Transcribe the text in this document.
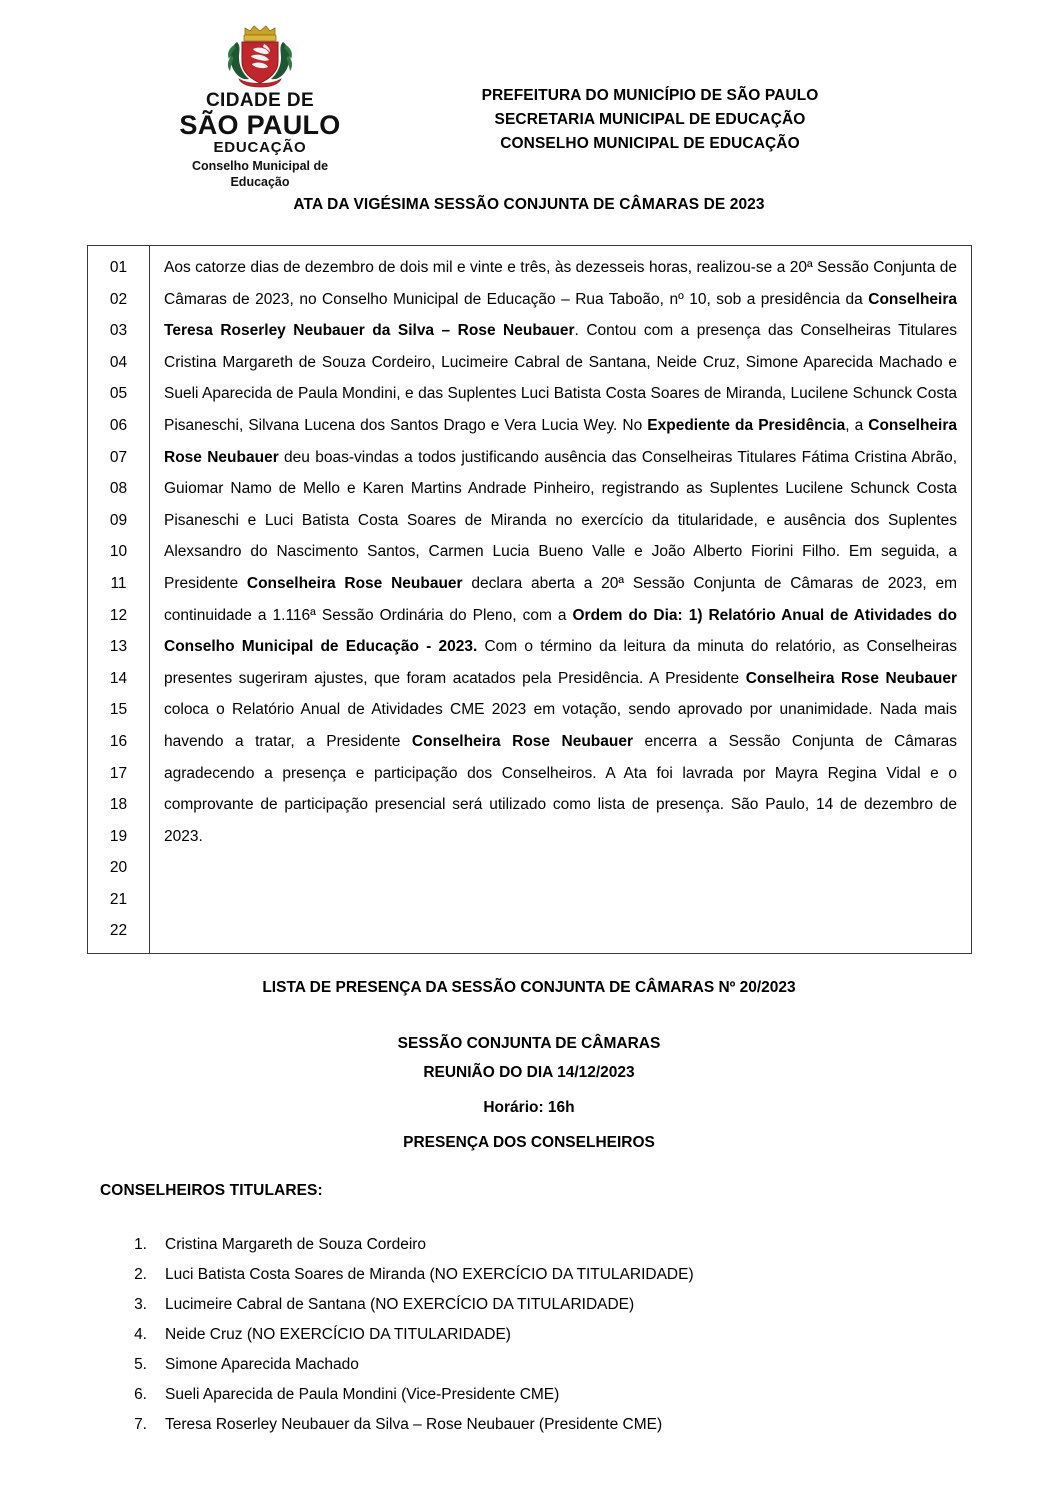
CIDADE DE
SÃO PAULO
EDUCAÇÃO
Conselho Municipal de Educação
PREFEITURA DO MUNICÍPIO DE SÃO PAULO
SECRETARIA MUNICIPAL DE EDUCAÇÃO
CONSELHO MUNICIPAL DE EDUCAÇÃO
ATA DA VIGÉSIMA SESSÃO CONJUNTA DE CÂMARAS DE 2023
01
02
03
04
05
06
07
08
09
10
11
12
13
14
15
16
17
18
19
20
21
22

Aos catorze dias de dezembro de dois mil e vinte e três, às dezesseis horas, realizou-se a 20ª Sessão Conjunta de Câmaras de 2023, no Conselho Municipal de Educação – Rua Taboão, nº 10, sob a presidência da Conselheira Teresa Roserley Neubauer da Silva – Rose Neubauer. Contou com a presença das Conselheiras Titulares Cristina Margareth de Souza Cordeiro, Lucimeire Cabral de Santana, Neide Cruz, Simone Aparecida Machado e Sueli Aparecida de Paula Mondini, e das Suplentes Luci Batista Costa Soares de Miranda, Lucilene Schunck Costa Pisaneschi, Silvana Lucena dos Santos Drago e Vera Lucia Wey. No Expediente da Presidência, a Conselheira Rose Neubauer deu boas-vindas a todos justificando ausência das Conselheiras Titulares Fátima Cristina Abrão, Guiomar Namo de Mello e Karen Martins Andrade Pinheiro, registrando as Suplentes Lucilene Schunck Costa Pisaneschi e Luci Batista Costa Soares de Miranda no exercício da titularidade, e ausência dos Suplentes Alexsandro do Nascimento Santos, Carmen Lucia Bueno Valle e João Alberto Fiorini Filho. Em seguida, a Presidente Conselheira Rose Neubauer declara aberta a 20ª Sessão Conjunta de Câmaras de 2023, em continuidade a 1.116ª Sessão Ordinária do Pleno, com a Ordem do Dia: 1) Relatório Anual de Atividades do Conselho Municipal de Educação - 2023. Com o término da leitura da minuta do relatório, as Conselheiras presentes sugeriram ajustes, que foram acatados pela Presidência. A Presidente Conselheira Rose Neubauer coloca o Relatório Anual de Atividades CME 2023 em votação, sendo aprovado por unanimidade. Nada mais havendo a tratar, a Presidente Conselheira Rose Neubauer encerra a Sessão Conjunta de Câmaras agradecendo a presença e participação dos Conselheiros. A Ata foi lavrada por Mayra Regina Vidal e o comprovante de participação presencial será utilizado como lista de presença. São Paulo, 14 de dezembro de 2023.

LISTA DE PRESENÇA DA SESSÃO CONJUNTA DE CÂMARAS Nº 20/2023
SESSÃO CONJUNTA DE CÂMARAS
REUNIÃO DO DIA 14/12/2023
Horário: 16h
PRESENÇA DOS CONSELHEIROS
CONSELHEIROS TITULARES:
1.	Cristina Margareth de Souza Cordeiro
2.	Luci Batista Costa Soares de Miranda (NO EXERCÍCIO DA TITULARIDADE)
3.	Lucimeire Cabral de Santana (NO EXERCÍCIO DA TITULARIDADE)
4.	Neide Cruz (NO EXERCÍCIO DA TITULARIDADE)
5.	Simone Aparecida Machado
6.	Sueli Aparecida de Paula Mondini (Vice-Presidente CME)
7.	Teresa Roserley Neubauer da Silva – Rose Neubauer (Presidente CME)
